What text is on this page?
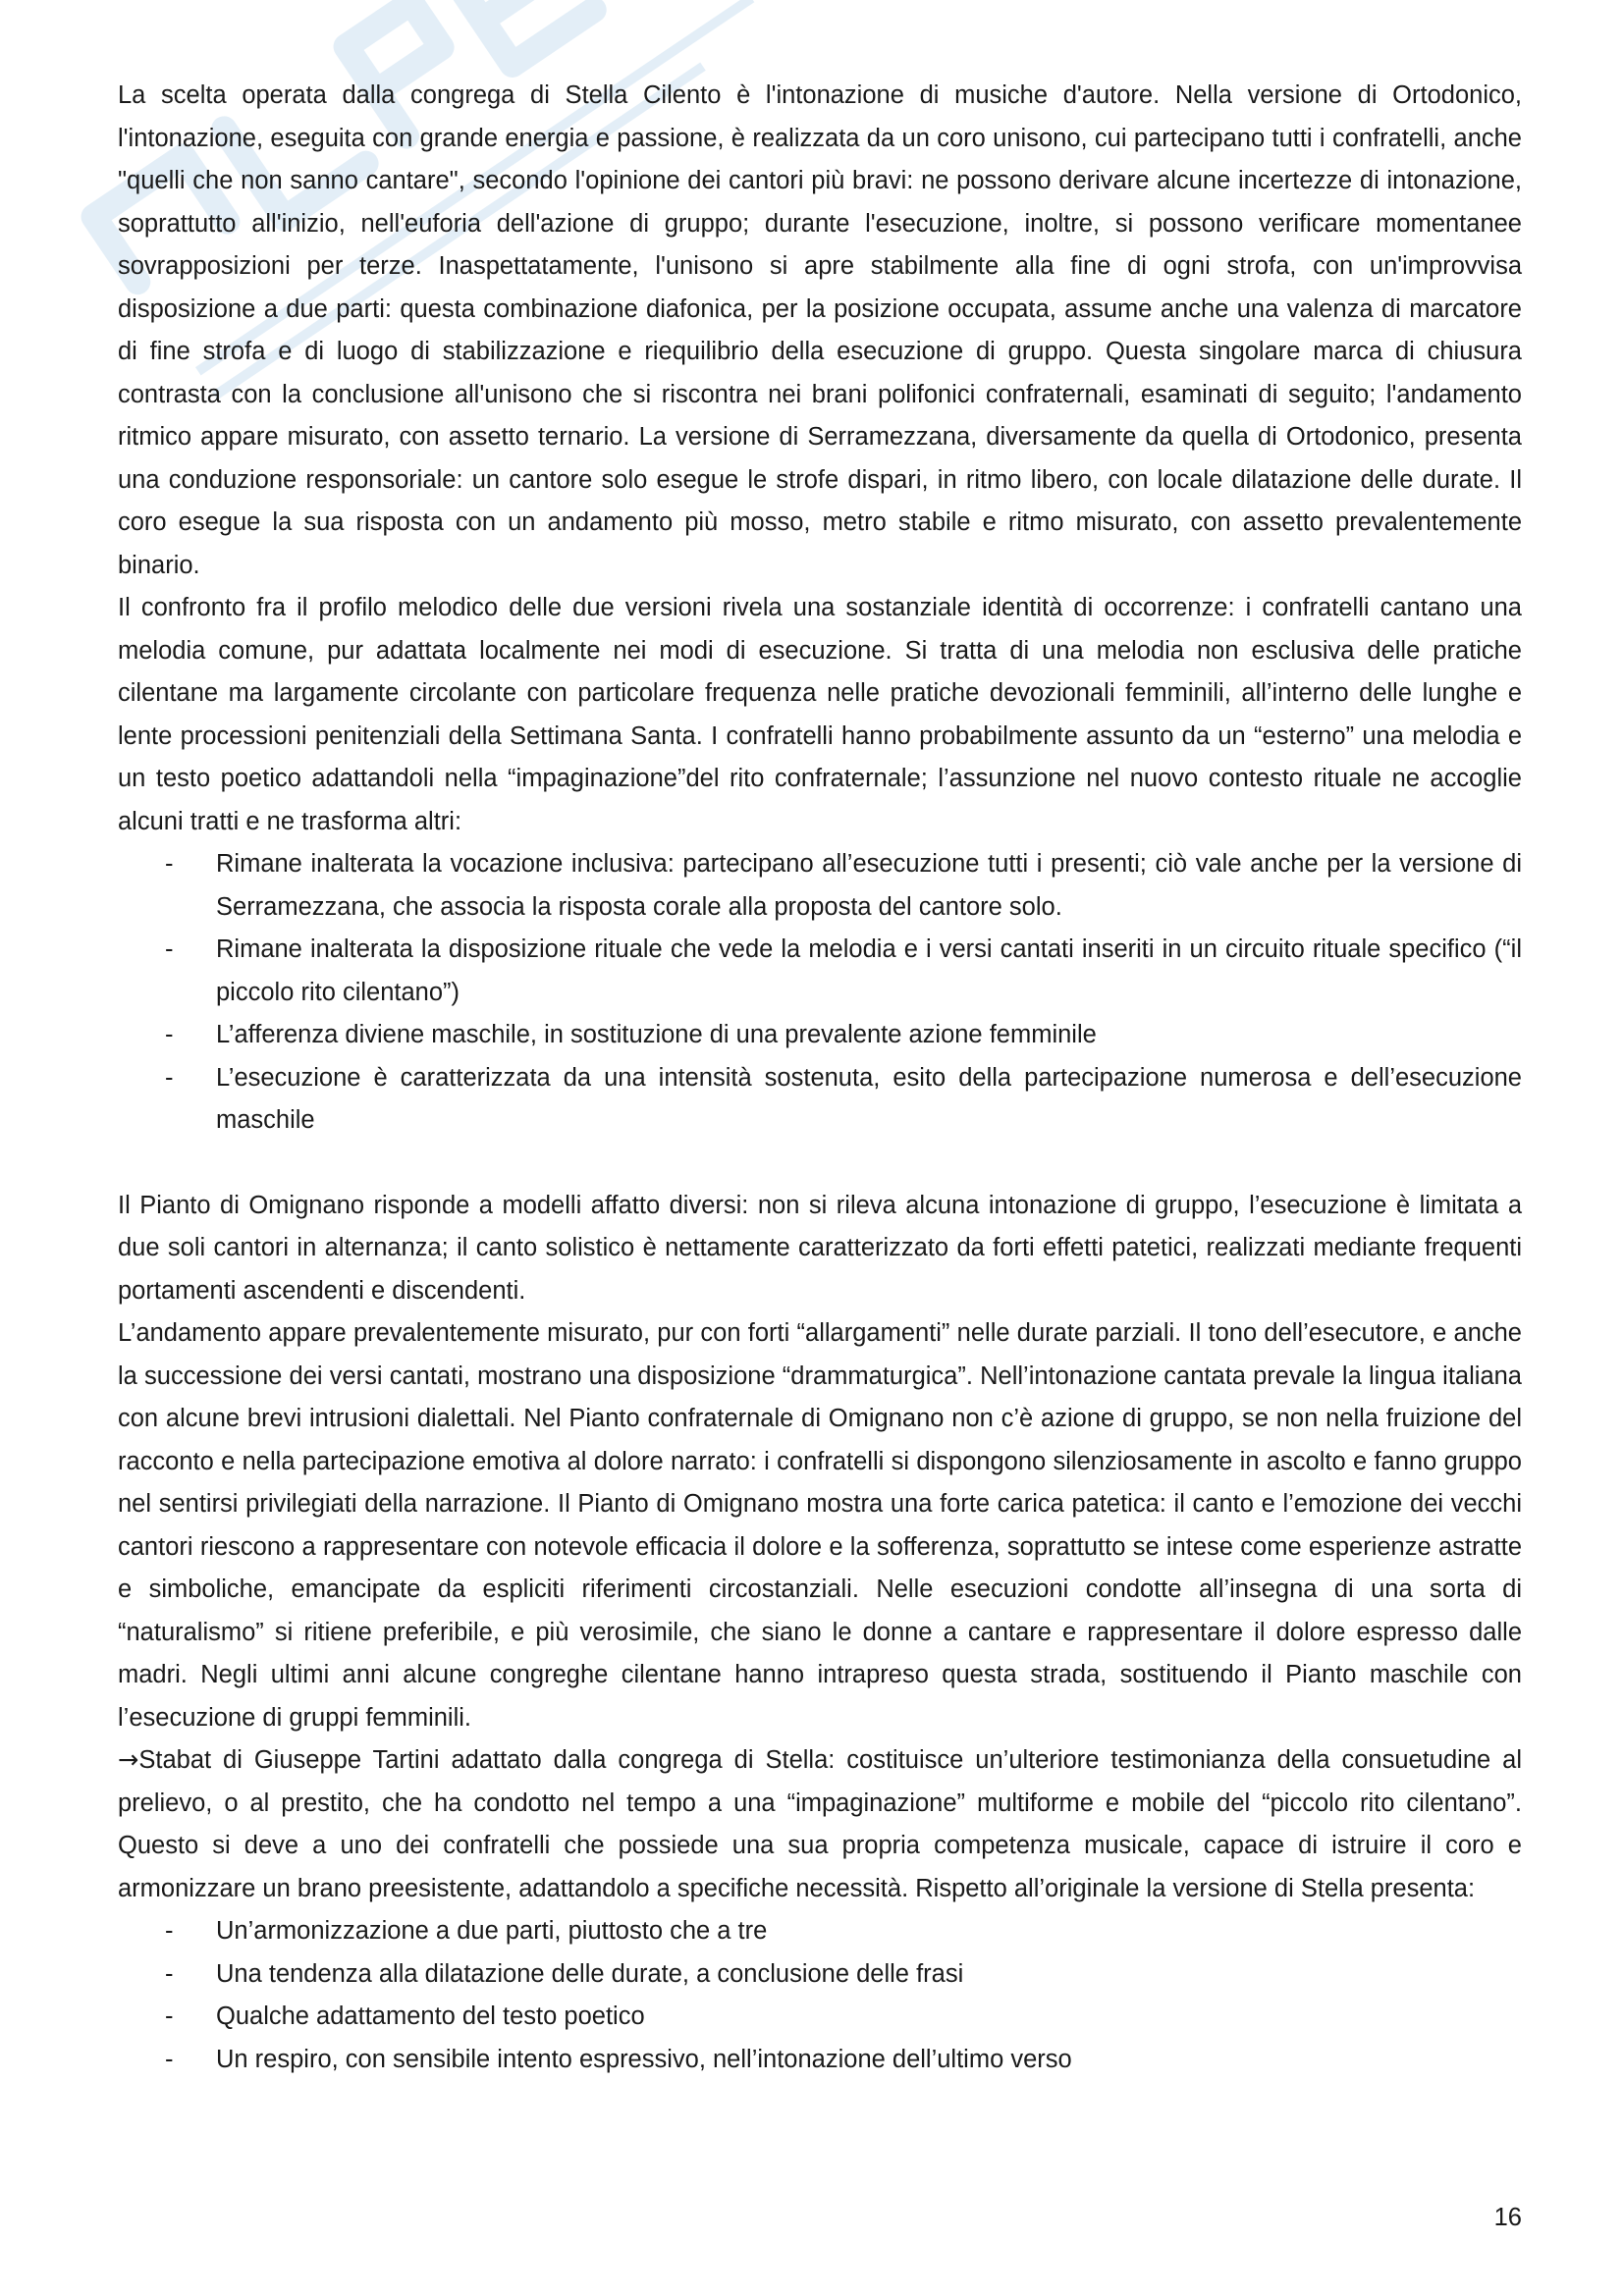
La scelta operata dalla congrega di Stella Cilento è l'intonazione di musiche d'autore. Nella versione di Ortodonico, l'intonazione, eseguita con grande energia e passione, è realizzata da un coro unisono, cui partecipano tutti i confratelli, anche "quelli che non sanno cantare", secondo l'opinione dei cantori più bravi: ne possono derivare alcune incertezze di intonazione, soprattutto all'inizio, nell'euforia dell'azione di gruppo; durante l'esecuzione, inoltre, si possono verificare momentanee sovrapposizioni per terze. Inaspettatamente, l'unisono si apre stabilmente alla fine di ogni strofa, con un'improvvisa disposizione a due parti: questa combinazione diafonica, per la posizione occupata, assume anche una valenza di marcatore di fine strofa e di luogo di stabilizzazione e riequilibrio della esecuzione di gruppo. Questa singolare marca di chiusura contrasta con la conclusione all'unisono che si riscontra nei brani polifonici confraternali, esaminati di seguito; l'andamento ritmico appare misurato, con assetto ternario. La versione di Serramezzana, diversamente da quella di Ortodonico, presenta una conduzione responsoriale: un cantore solo esegue le strofe dispari, in ritmo libero, con locale dilatazione delle durate. Il coro esegue la sua risposta con un andamento più mosso, metro stabile e ritmo misurato, con assetto prevalentemente binario.

Il confronto fra il profilo melodico delle due versioni rivela una sostanziale identità di occorrenze: i confratelli cantano una melodia comune, pur adattata localmente nei modi di esecuzione. Si tratta di una melodia non esclusiva delle pratiche cilentane ma largamente circolante con particolare frequenza nelle pratiche devozionali femminili, all’interno delle lunghe e lente processioni penitenziali della Settimana Santa. I confratelli hanno probabilmente assunto da un “esterno” una melodia e un testo poetico adattandoli nella “impaginazione”del rito confraternale; l’assunzione nel nuovo contesto rituale ne accoglie alcuni tratti e ne trasforma altri:

- Rimane inalterata la vocazione inclusiva: partecipano all’esecuzione tutti i presenti; ciò vale anche per la versione di Serramezzana, che associa la risposta corale alla proposta del cantore solo.
- Rimane inalterata la disposizione rituale che vede la melodia e i versi cantati inseriti in un circuito rituale specifico (“il piccolo rito cilentano”)
- L’afferenza diviene maschile, in sostituzione di una prevalente azione femminile
- L’esecuzione è caratterizzata da una intensità sostenuta, esito della partecipazione numerosa e dell’esecuzione maschile

Il Pianto di Omignano risponde a modelli affatto diversi: non si rileva alcuna intonazione di gruppo, l’esecuzione è limitata a due soli cantori in alternanza; il canto solistico è nettamente caratterizzato da forti effetti patetici, realizzati mediante frequenti portamenti ascendenti e discendenti.

L’andamento appare prevalentemente misurato, pur con forti “allargamenti” nelle durate parziali. Il tono dell’esecutore, e anche la successione dei versi cantati, mostrano una disposizione “drammaturgica”. Nell’intonazione cantata prevale la lingua italiana con alcune brevi intrusioni dialettali. Nel Pianto confraternale di Omignano non c’è azione di gruppo, se non nella fruizione del racconto e nella partecipazione emotiva al dolore narrato: i confratelli si dispongono silenziosamente in ascolto e fanno gruppo nel sentirsi privilegiati della narrazione. Il Pianto di Omignano mostra una forte carica patetica: il canto e l’emozione dei vecchi cantori riescono a rappresentare con notevole efficacia il dolore e la sofferenza, soprattutto se intese come esperienze astratte e simboliche, emancipate da espliciti riferimenti circostanziali. Nelle esecuzioni condotte all’insegna di una sorta di “naturalismo” si ritiene preferibile, e più verosimile, che siano le donne a cantare e rappresentare il dolore espresso dalle madri. Negli ultimi anni alcune congreghe cilentane hanno intrapreso questa strada, sostituendo il Pianto maschile con l’esecuzione di gruppi femminili.

→Stabat di Giuseppe Tartini adattato dalla congrega di Stella: costituisce un’ulteriore testimonianza della consuetudine al prelievo, o al prestito, che ha condotto nel tempo a una “impaginazione” multiforme e mobile del “piccolo rito cilentano”. Questo si deve a uno dei confratelli che possiede una sua propria competenza musicale, capace di istruire il coro e armonizzare un brano preesistente, adattandolo a specifiche necessità. Rispetto all’originale la versione di Stella presenta:

- Un’armonizzazione a due parti, piuttosto che a tre
- Una tendenza alla dilatazione delle durate, a conclusione delle frasi
- Qualche adattamento del testo poetico
- Un respiro, con sensibile intento espressivo, nell’intonazione dell’ultimo verso
16
